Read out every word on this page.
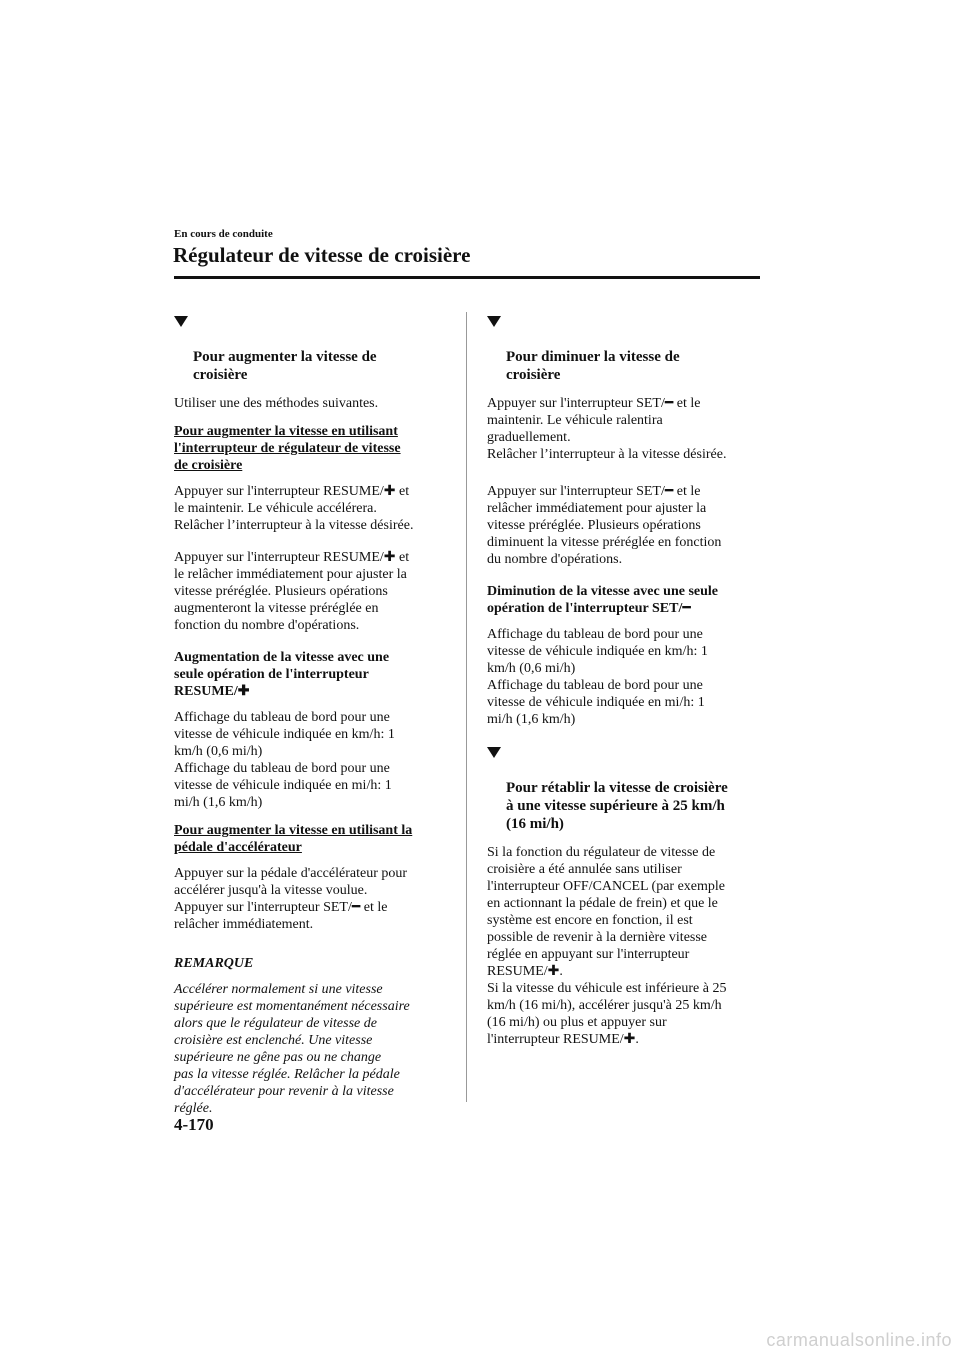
En cours de conduite
Régulateur de vitesse de croisière

Pour augmenter la vitesse de
croisière

Utiliser une des méthodes suivantes.

Pour augmenter la vitesse en utilisant
l'interrupteur de régulateur de vitesse
de croisière

Appuyer sur l'interrupteur RESUME/✚ et
le maintenir. Le véhicule accélérera.
Relâcher l’interrupteur à la vitesse désirée.

Appuyer sur l'interrupteur RESUME/✚ et
le relâcher immédiatement pour ajuster la
vitesse préréglée. Plusieurs opérations
augmenteront la vitesse préréglée en
fonction du nombre d'opérations.

Augmentation de la vitesse avec une
seule opération de l'interrupteur
RESUME/✚

Affichage du tableau de bord pour une
vitesse de véhicule indiquée en km/h: 1
km/h (0,6 mi/h)
Affichage du tableau de bord pour une
vitesse de véhicule indiquée en mi/h: 1
mi/h (1,6 km/h)

Pour augmenter la vitesse en utilisant la
pédale d'accélérateur

Appuyer sur la pédale d'accélérateur pour
accélérer jusqu'à la vitesse voulue.
Appuyer sur l'interrupteur SET/━ et le
relâcher immédiatement.

REMARQUE

Accélérer normalement si une vitesse
supérieure est momentanément nécessaire
alors que le régulateur de vitesse de
croisière est enclenché. Une vitesse
supérieure ne gêne pas ou ne change
pas la vitesse réglée. Relâcher la pédale
d'accélérateur pour revenir à la vitesse
réglée.

Pour diminuer la vitesse de
croisière

Appuyer sur l'interrupteur SET/━ et le
maintenir. Le véhicule ralentira
graduellement.
Relâcher l’interrupteur à la vitesse désirée.

Appuyer sur l'interrupteur SET/━ et le
relâcher immédiatement pour ajuster la
vitesse préréglée. Plusieurs opérations
diminuent la vitesse préréglée en fonction
du nombre d'opérations.

Diminution de la vitesse avec une seule
opération de l'interrupteur SET/━

Affichage du tableau de bord pour une
vitesse de véhicule indiquée en km/h: 1
km/h (0,6 mi/h)
Affichage du tableau de bord pour une
vitesse de véhicule indiquée en mi/h: 1
mi/h (1,6 km/h)

Pour rétablir la vitesse de croisière
à une vitesse supérieure à 25 km/h
(16 mi/h)

Si la fonction du régulateur de vitesse de
croisière a été annulée sans utiliser
l'interrupteur OFF/CANCEL (par exemple
en actionnant la pédale de frein) et que le
système est encore en fonction, il est
possible de revenir à la dernière vitesse
réglée en appuyant sur l'interrupteur
RESUME/✚.
Si la vitesse du véhicule est inférieure à 25
km/h (16 mi/h), accélérer jusqu'à 25 km/h
(16 mi/h) ou plus et appuyer sur
l'interrupteur RESUME/✚.

4-170
carmanualsonline.info
